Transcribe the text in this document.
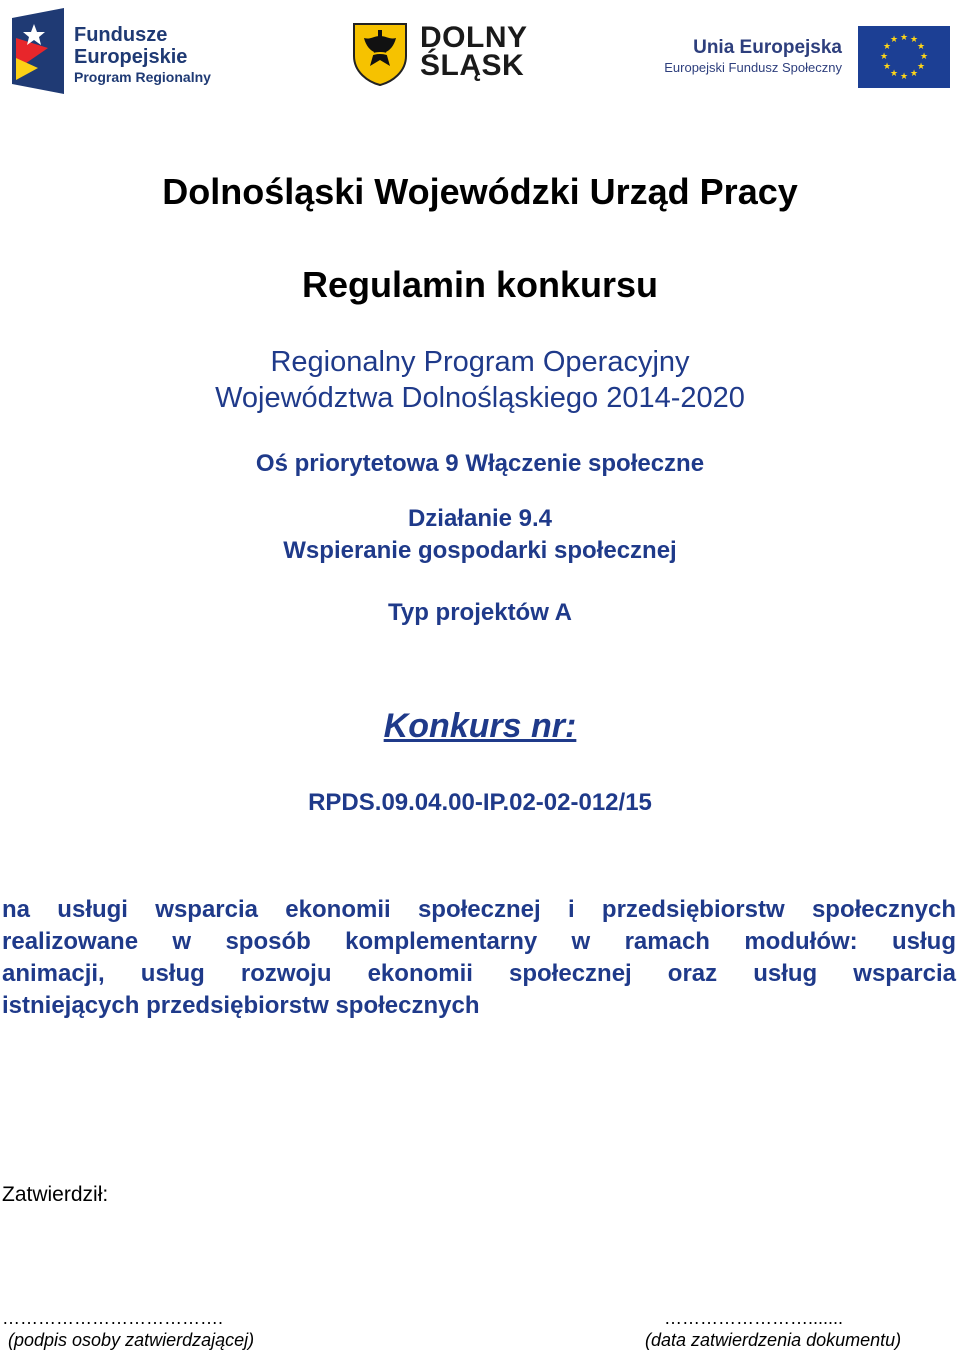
Fundusze
Europejskie
Program Regionalny
DOLNY
ŚLĄSK
Unia Europejska
Europejski Fundusz Społeczny
★ ★
★
★
★
★
★
★
★
★
★
★
Dolnośląski Wojewódzki Urząd Pracy
Regulamin konkursu
Regionalny Program Operacyjny
Województwa Dolnośląskiego 2014-2020
Oś priorytetowa 9 Włączenie społeczne
Działanie 9.4
Wspieranie gospodarki społecznej
Typ projektów A
Konkurs nr:
RPDS.09.04.00-IP.02-02-012/15
na usługi wsparcia ekonomii społecznej i przedsiębiorstw społecznych
realizowane w sposób komplementarny w ramach modułów: usług
animacji, usług rozwoju ekonomii społecznej oraz usług wsparcia
istniejących przedsiębiorstw społecznych
Zatwierdził:
……………………………….
(podpis osoby zatwierdzającej)
…………………….......
(data zatwierdzenia dokumentu)
